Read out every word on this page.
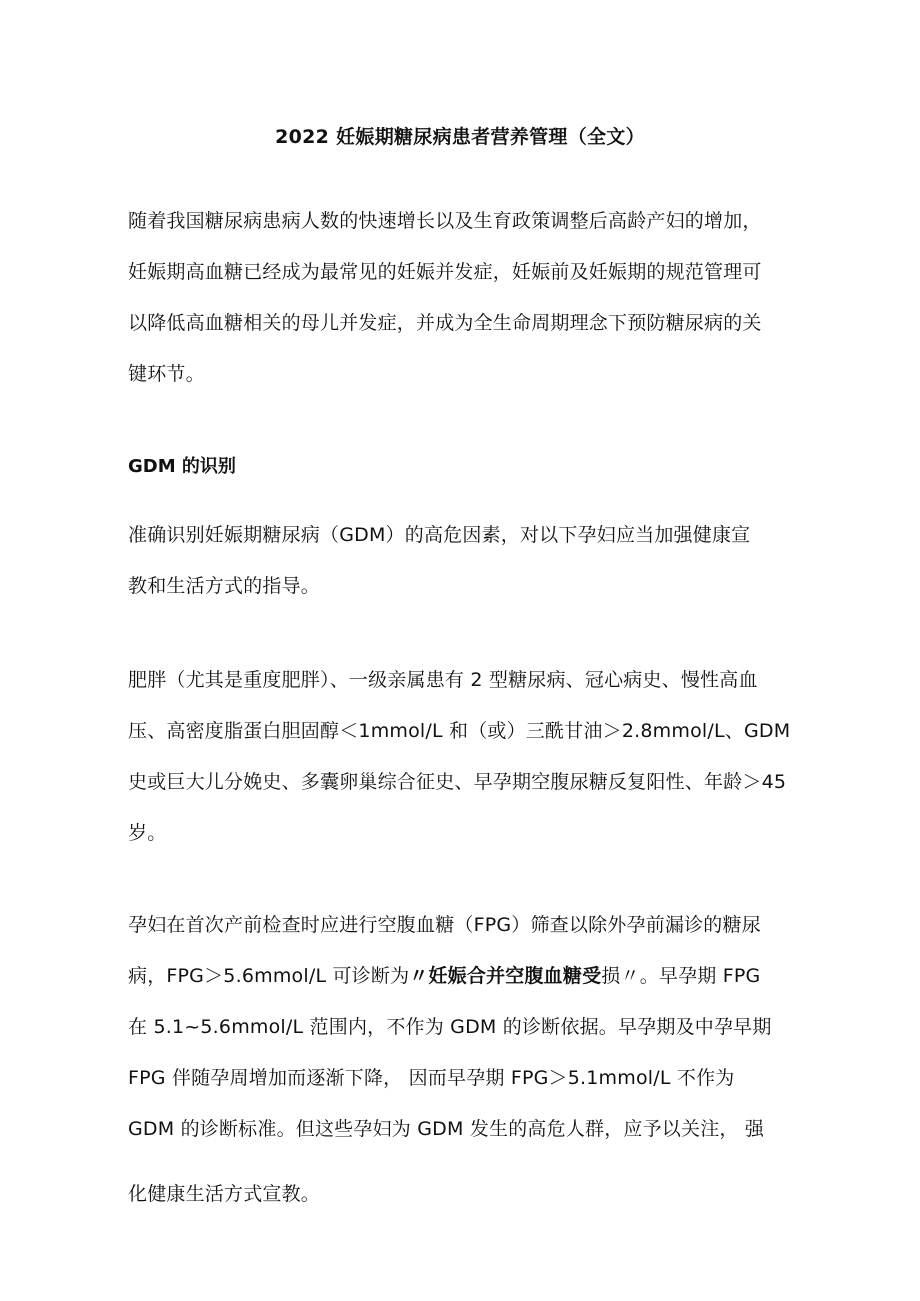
2022 妊娠期糖尿病患者营养管理（全文）
随着我国糖尿病患病人数的快速增长以及生育政策调整后高龄产妇的增加，
妊娠期高血糖已经成为最常见的妊娠并发症，妊娠前及妊娠期的规范管理可
以降低高血糖相关的母儿并发症，并成为全生命周期理念下预防糖尿病的关
键环节。
GDM 的识别
准确识别妊娠期糖尿病（GDM）的高危因素，对以下孕妇应当加强健康宣
教和生活方式的指导。
肥胖（尤其是重度肥胖）、一级亲属患有 2 型糖尿病、冠心病史、慢性高血
压、高密度脂蛋白胆固醇＜1mmol/L 和（或）三酰甘油＞2.8mmol/L、GDM
史或巨大儿分娩史、多囊卵巢综合征史、早孕期空腹尿糖反复阳性、年龄＞45
岁。
孕妇在首次产前检查时应进行空腹血糖（FPG）筛查以除外孕前漏诊的糖尿
病，FPG＞5.6mmol/L 可诊断为〃妊娠合并空腹血糖受损〃。早孕期 FPG
在 5.1~5.6mmol/L 范围内，不作为 GDM 的诊断依据。早孕期及中孕早期
FPG 伴随孕周增加而逐渐下降， 因而早孕期 FPG＞5.1mmol/L 不作为
GDM 的诊断标准。但这些孕妇为 GDM 发生的高危人群，应予以关注， 强
化健康生活方式宣教。
